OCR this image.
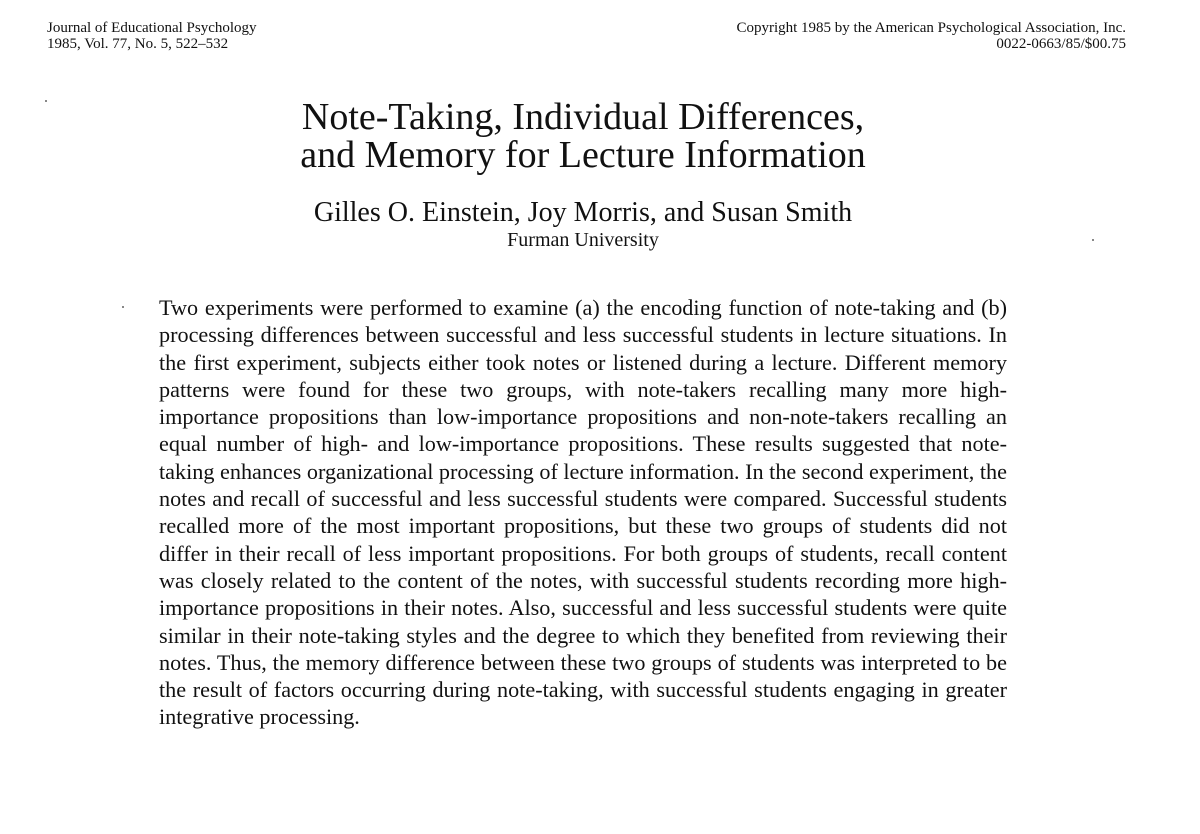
Journal of Educational Psychology
1985, Vol. 77, No. 5, 522–532
Copyright 1985 by the American Psychological Association, Inc.
0022-0663/85/$00.75
Note-Taking, Individual Differences,
and Memory for Lecture Information
Gilles O. Einstein, Joy Morris, and Susan Smith
Furman University

Two experiments were performed to examine (a) the encoding function of note-taking and (b) processing differences between successful and less successful students in lecture situations. In the first experiment, subjects either took notes or listened during a lecture. Different memory patterns were found for these two groups, with note-takers recalling many more high-importance propositions than low-importance propositions and non-note-takers recalling an equal number of high- and low-importance propositions. These results suggested that note-taking enhances organizational processing of lecture information. In the second experiment, the notes and recall of successful and less successful students were compared. Successful students recalled more of the most important propositions, but these two groups of students did not differ in their recall of less important propositions. For both groups of students, recall content was closely related to the content of the notes, with successful students recording more high-importance propositions in their notes. Also, successful and less successful students were quite similar in their note-taking styles and the degree to which they benefited from reviewing their notes. Thus, the memory difference between these two groups of students was interpreted to be the result of factors occurring during note-taking, with successful students engaging in greater integrative processing.
